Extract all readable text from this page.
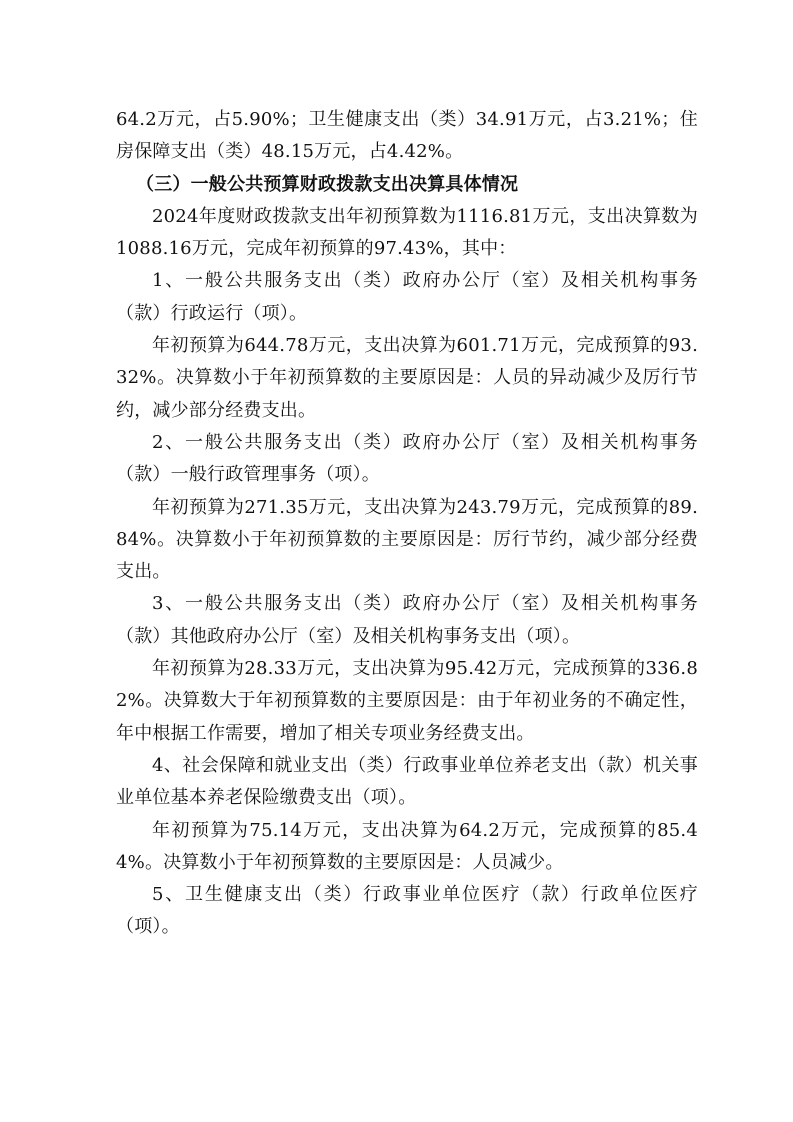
64.2万元，占5.90%；卫生健康支出（类）34.91万元，占3.21%；住房保障支出（类）48.15万元，占4.42%。

（三）一般公共预算财政拨款支出决算具体情况

2024年度财政拨款支出年初预算数为1116.81万元，支出决算数为1088.16万元，完成年初预算的97.43%，其中：

1、一般公共服务支出（类）政府办公厅（室）及相关机构事务（款）行政运行（项）。

年初预算为644.78万元，支出决算为601.71万元，完成预算的93.32%。决算数小于年初预算数的主要原因是：人员的异动减少及厉行节约，减少部分经费支出。

2、一般公共服务支出（类）政府办公厅（室）及相关机构事务（款）一般行政管理事务（项）。

年初预算为271.35万元，支出决算为243.79万元，完成预算的89.84%。决算数小于年初预算数的主要原因是：厉行节约，减少部分经费支出。

3、一般公共服务支出（类）政府办公厅（室）及相关机构事务（款）其他政府办公厅（室）及相关机构事务支出（项）。

年初预算为28.33万元，支出决算为95.42万元，完成预算的336.82%。决算数大于年初预算数的主要原因是：由于年初业务的不确定性，年中根据工作需要，增加了相关专项业务经费支出。

4、社会保障和就业支出（类）行政事业单位养老支出（款）机关事业单位基本养老保险缴费支出（项）。

年初预算为75.14万元，支出决算为64.2万元，完成预算的85.44%。决算数小于年初预算数的主要原因是：人员减少。

5、卫生健康支出（类）行政事业单位医疗（款）行政单位医疗（项）。
